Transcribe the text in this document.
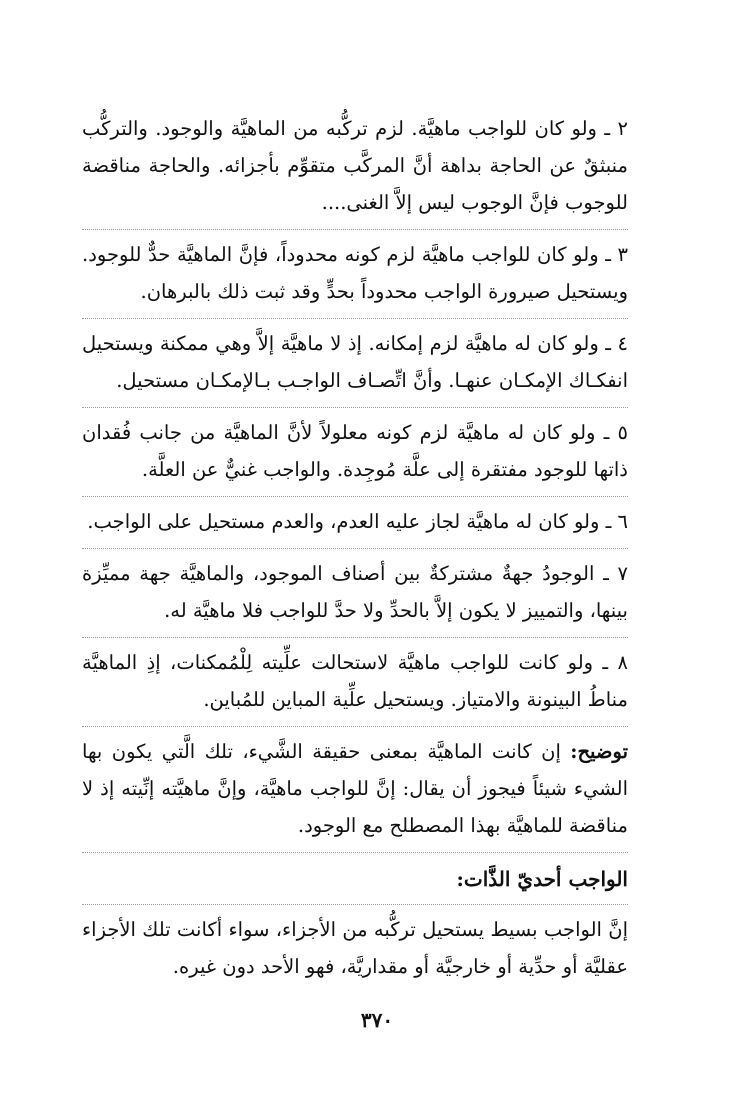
٢ ـ ولو كان للواجب ماهيَّة. لزم تركُّبه من الماهيَّة والوجود. والتركُّب منبثقٌ عن الحاجة بداهة أنَّ المركَّب متقوِّم بأجزائه. والحاجة مناقضة للوجوب فإنَّ الوجوب ليس إلاَّ الغنى....

٣ ـ ولو كان للواجب ماهيَّة لزم كونه محدوداً، فإنَّ الماهيَّة حدٌّ للوجود. ويستحيل صيرورة الواجب محدوداً بحدٍّ وقد ثبت ذلك بالبرهان.

٤ ـ ولو كان له ماهيَّة لزم إمكانه. إذ لا ماهيَّة إلاَّ وهي ممكنة ويستحيل انفكـاك الإمكـان عنهـا. وأنَّ اتِّصـاف الواجـب بـالإمكـان مستحيل.

٥ ـ ولو كان له ماهيَّة لزم كونه معلولاً لأنَّ الماهيَّة من جانب فُقدان ذاتها للوجود مفتقرة إلى علَّة مُوجِدة. والواجب غنيٌّ عن العلَّة.

٦ ـ ولو كان له ماهيَّة لجاز عليه العدم، والعدم مستحيل على الواجب.

٧ ـ الوجودُ جهةٌ مشتركةٌ بين أصناف الموجود، والماهيَّة جهة مميِّزة بينها، والتمييز لا يكون إلاَّ بالحدِّ ولا حدَّ للواجب فلا ماهيَّة له.

٨ ـ ولو كانت للواجب ماهيَّة لاستحالت علِّيته لِلْمُمكنات، إذِ الماهيَّة مناطُ البينونة والامتياز. ويستحيل علِّية المباين للمُباين.

توضيح: إن كانت الماهيَّة بمعنى حقيقة الشَّيء، تلك الَّتي يكون بها الشيء شيئاً فيجوز أن يقال: إنَّ للواجب ماهيَّة، وإنَّ ماهيَّته إنِّيته إذ لا مناقضة للماهيَّة بهذا المصطلح مع الوجود.

الواجب أحديّ الذَّات:

إنَّ الواجب بسيط يستحيل تركُّبه من الأجزاء، سواء أكانت تلك الأجزاء عقليَّة أو حدِّية أو خارجيَّة أو مقداريَّة، فهو الأحد دون غيره.

٣٧٠
